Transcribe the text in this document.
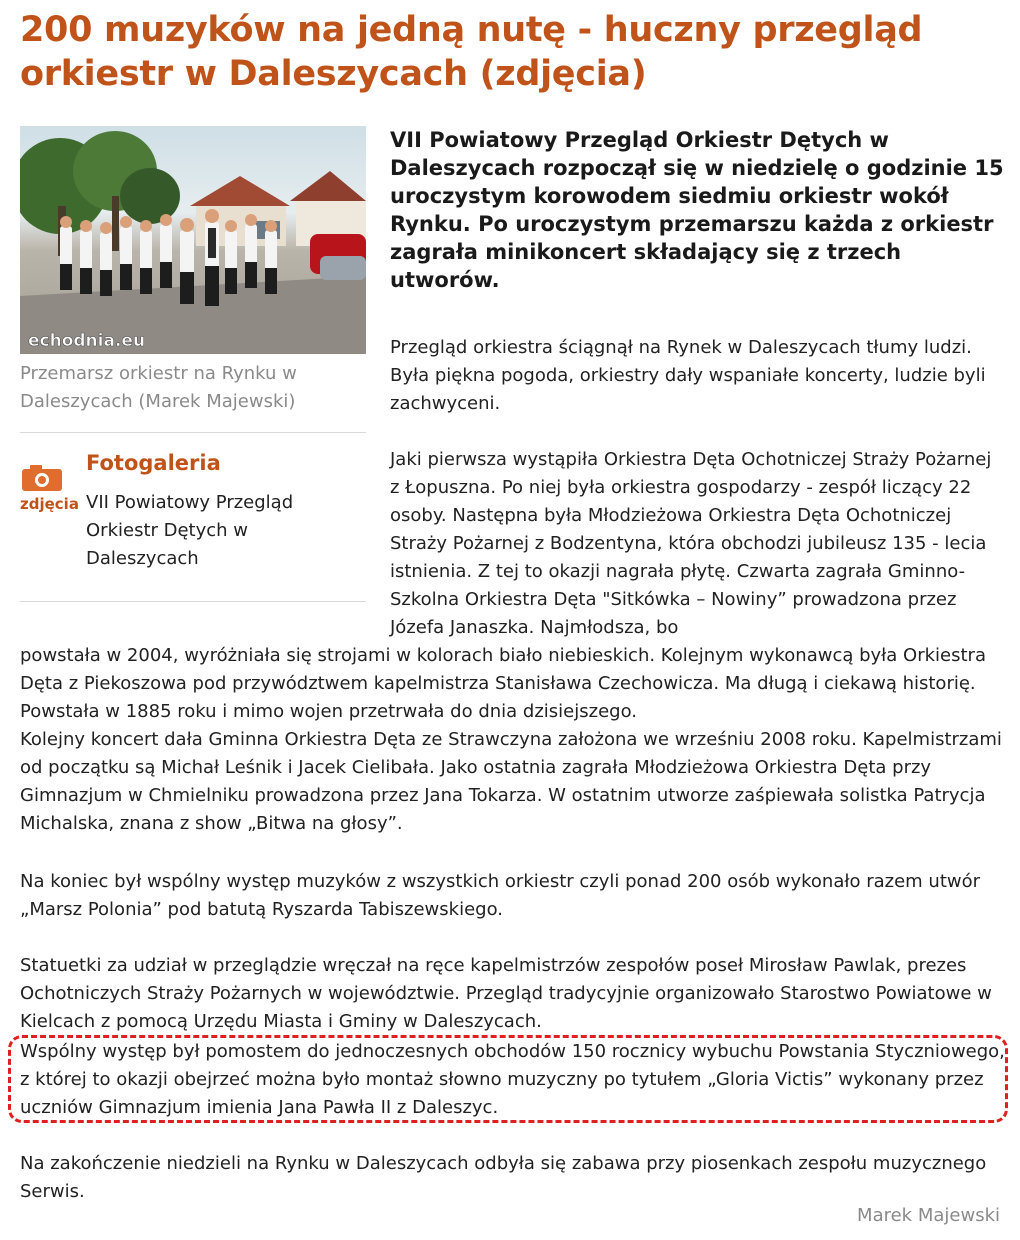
200 muzyków na jedną nutę - huczny przegląd orkiestr w Daleszycach (zdjęcia)
echodnia.eu
Przemarsz orkiestr na Rynku w Daleszycach (Marek Majewski)
zdjęcia
Fotogaleria
VII Powiatowy Przegląd Orkiestr Dętych w Daleszycach

VII Powiatowy Przegląd Orkiestr Dętych w Daleszycach rozpoczął się w niedzielę o godzinie 15 uroczystym korowodem siedmiu orkiestr wokół Rynku. Po uroczystym przemarszu każda z orkiestr zagrała minikoncert składający się z trzech utworów.

Przegląd orkiestra ściągnął na Rynek w Daleszycach tłumy ludzi. Była piękna pogoda, orkiestry dały wspaniałe koncerty, ludzie byli zachwyceni.

Jaki pierwsza wystąpiła Orkiestra Dęta Ochotniczej Straży Pożarnej z Łopuszna. Po niej była orkiestra gospodarzy - zespół liczący 22 osoby. Następna była Młodzieżowa Orkiestra Dęta Ochotniczej Straży Pożarnej z Bodzentyna, która obchodzi jubileusz 135 - lecia istnienia. Z tej to okazji nagrała płytę. Czwarta zagrała Gminno- Szkolna Orkiestra Dęta "Sitkówka – Nowiny” prowadzona przez Józefa Janaszka. Najmłodsza, bo

powstała w 2004, wyróżniała się strojami w kolorach biało niebieskich. Kolejnym wykonawcą była Orkiestra Dęta z Piekoszowa pod przywództwem kapelmistrza Stanisława Czechowicza. Ma długą i ciekawą historię. Powstała w 1885 roku i mimo wojen przetrwała do dnia dzisiejszego.

Kolejny koncert dała Gminna Orkiestra Dęta ze Strawczyna założona we wrześniu 2008 roku. Kapelmistrzami od początku są Michał Leśnik i Jacek Cielibała. Jako ostatnia zagrała Młodzieżowa Orkiestra Dęta przy Gimnazjum w Chmielniku prowadzona przez Jana Tokarza. W ostatnim utworze zaśpiewała solistka Patrycja Michalska, znana z show „Bitwa na głosy”.

Na koniec był wspólny występ muzyków z wszystkich orkiestr czyli ponad 200 osób wykonało razem utwór „Marsz Polonia” pod batutą Ryszarda Tabiszewskiego.

Statuetki za udział w przeglądzie wręczał na ręce kapelmistrzów zespołów poseł Mirosław Pawlak, prezes Ochotniczych Straży Pożarnych w województwie. Przegląd tradycyjnie organizowało Starostwo Powiatowe w Kielcach z pomocą Urzędu Miasta i Gminy w Daleszycach.

Wspólny występ był pomostem do jednoczesnych obchodów 150 rocznicy wybuchu Powstania Styczniowego, z której to okazji obejrzeć można było montaż słowno muzyczny po tytułem „Gloria Victis” wykonany przez uczniów Gimnazjum imienia Jana Pawła II z Daleszyc.

Na zakończenie niedzieli na Rynku w Daleszycach odbyła się zabawa przy piosenkach zespołu muzycznego Serwis.

Marek Majewski
